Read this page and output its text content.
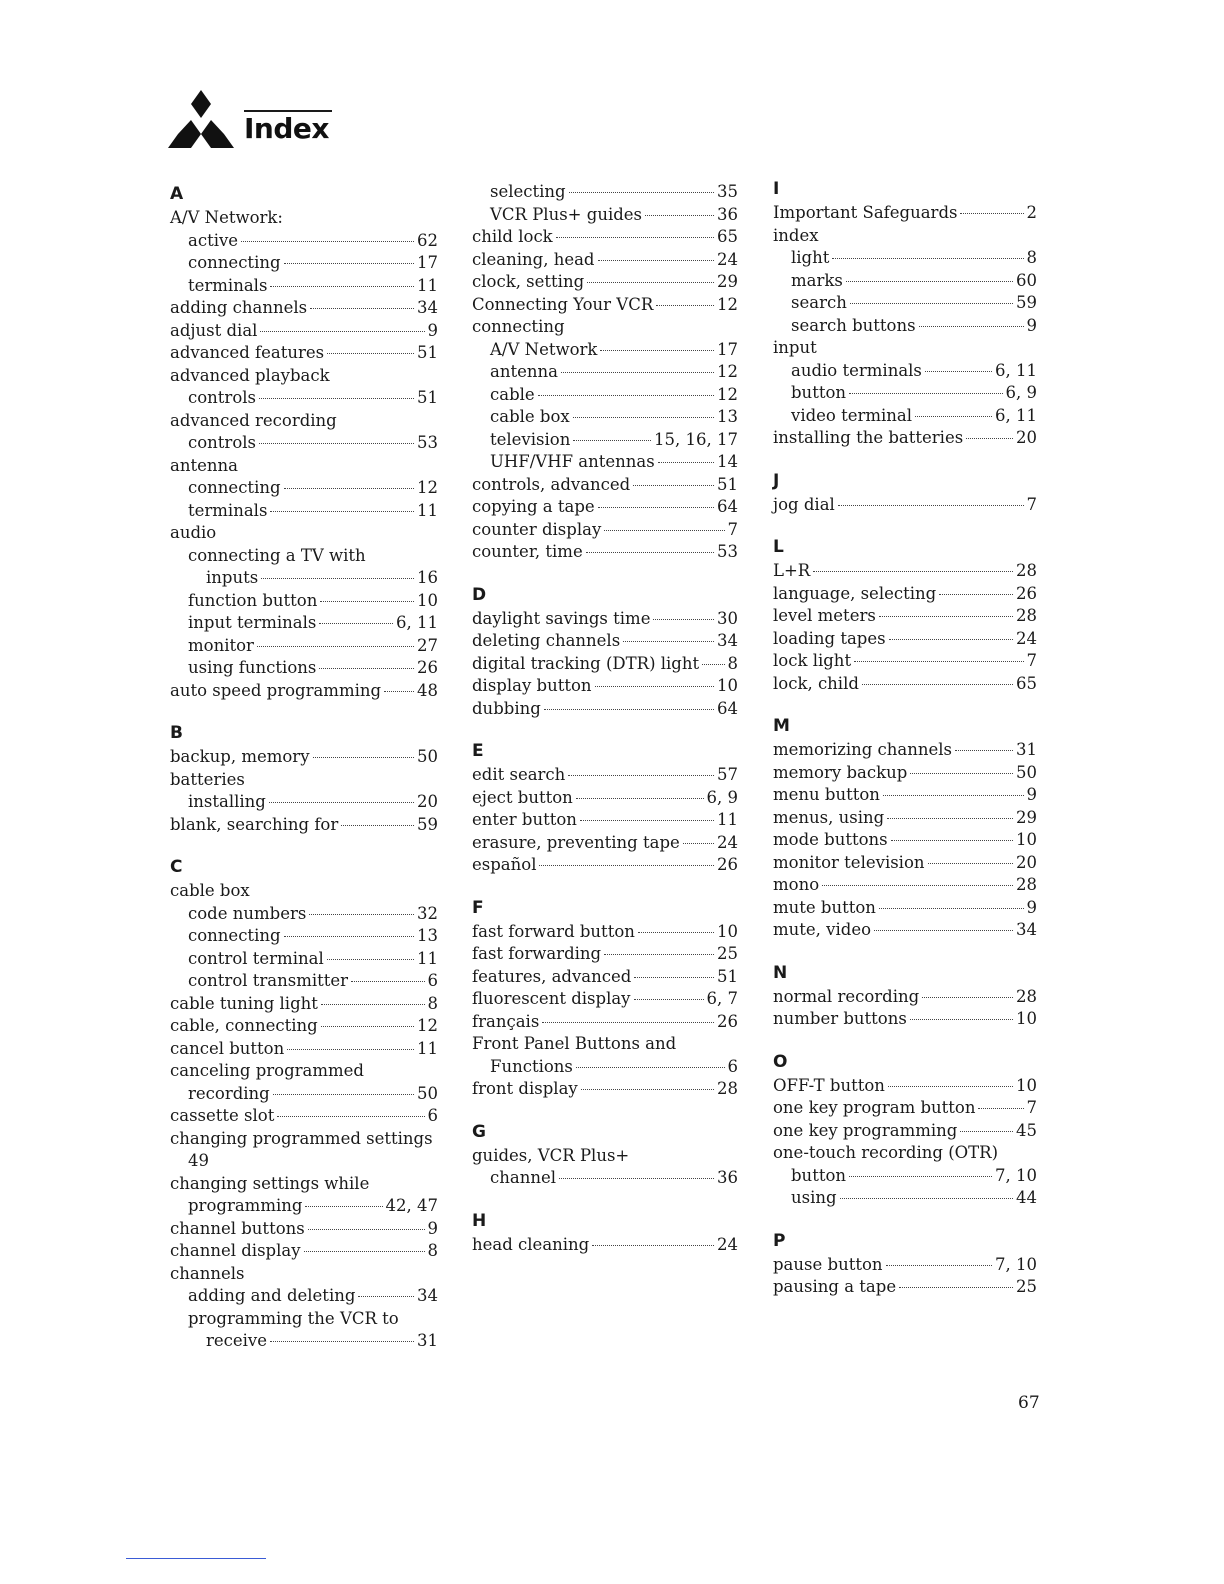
Index
A
A/V Network:
active	62
connecting	17
terminals	11
adding channels	34
adjust dial	9
advanced features	51
advanced playback
controls	51
advanced recording
controls	53
antenna
connecting	12
terminals	11
audio
connecting a TV with
inputs	16
function button	10
input terminals	6, 11
monitor	27
using functions	26
auto speed programming 48
B
backup, memory	50
batteries
installing	20
blank, searching for	59
C
cable box
code numbers	32
connecting	13
control terminal	11
control transmitter	6
cable tuning light	8
cable, connecting	12
cancel button	11
canceling programmed
recording	50
cassette slot	6
changing programmed settings
49
changing settings while
programming	42, 47
channel buttons	9
channel display	8
channels
adding and deleting	34
programming the VCR to
receive	31
selecting	35
VCR Plus+ guides	36
child lock	65
cleaning, head	24
clock, setting	29
Connecting Your VCR	12
connecting
A/V Network	17
antenna	12
cable	12
cable box	13
television	15, 16, 17
UHF/VHF antennas	14
controls, advanced	51
copying a tape	64
counter display	7
counter, time	53
D
daylight savings time	30
deleting channels	34
digital tracking (DTR) light 8
display button	10
dubbing	64
E
edit search	57
eject button	6, 9
enter button	11
erasure, preventing tape 24
español	26
F
fast forward button	10
fast forwarding	25
features, advanced	51
fluorescent display	6, 7
français	26
Front Panel Buttons and
Functions	6
front display	28
G
guides, VCR Plus+
channel	36
H
head cleaning	24
I
Important Safeguards	2
index
light	8
marks	60
search	59
search buttons	9
input
audio terminals	6, 11
button	6, 9
video terminal	6, 11
installing the batteries	20
J
jog dial	7
L
L+R	28
language, selecting	26
level meters	28
loading tapes	24
lock light	7
lock, child	65
M
memorizing channels	31
memory backup	50
menu button	9
menus, using	29
mode buttons	10
monitor television	20
mono	28
mute button	9
mute, video	34
N
normal recording	28
number buttons	10
O
OFF-T button	10
one key program button	7
one key programming	45
one-touch recording (OTR)
button	7, 10
using	44
P
pause button	7, 10
pausing a tape	25
67
